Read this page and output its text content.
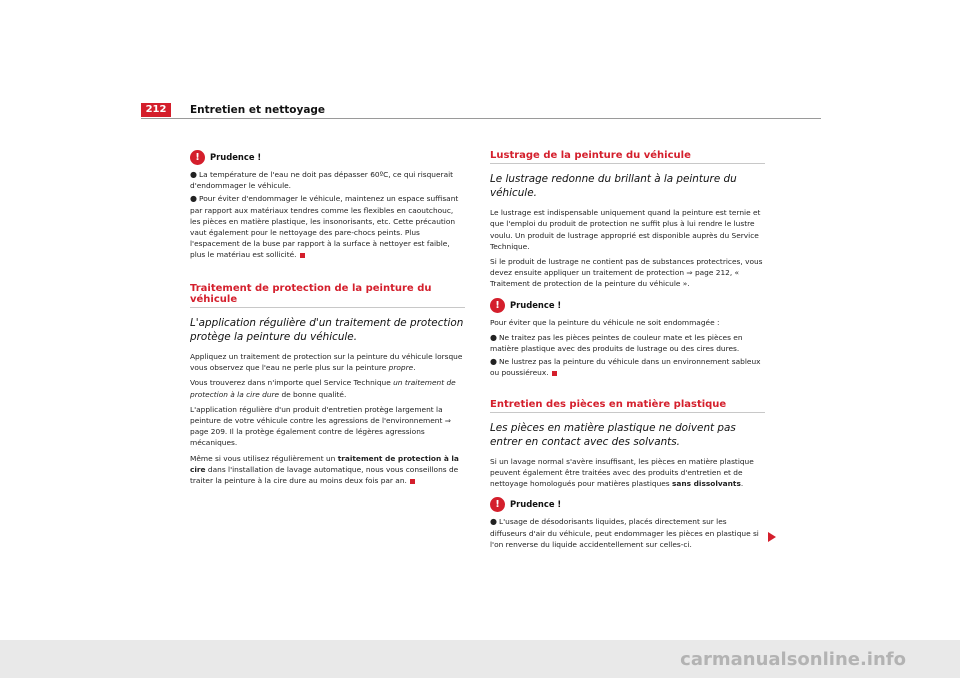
212	Entretien et nettoyage
!	Prudence !
● La température de l'eau ne doit pas dépasser 60ºC, ce qui risquerait d'endommager le véhicule.
● Pour éviter d'endommager le véhicule, maintenez un espace suffisant par rapport aux matériaux tendres comme les flexibles en caoutchouc, les pièces en matière plastique, les insonorisants, etc. Cette précaution vaut également pour le nettoyage des pare-chocs peints. Plus l'espacement de la buse par rapport à la surface à nettoyer est faible, plus le matériau est sollicité.
Traitement de protection de la peinture du véhicule
L'application régulière d'un traitement de protection protège la peinture du véhicule.

Appliquez un traitement de protection sur la peinture du véhicule lorsque vous observez que l'eau ne perle plus sur la peinture propre.

Vous trouverez dans n'importe quel Service Technique un traitement de protection à la cire dure de bonne qualité.

L'application régulière d'un produit d'entretien protège largement la peinture de votre véhicule contre les agressions de l'environnement ⇒ page 209. Il la protège également contre de légères agressions mécaniques.

Même si vous utilisez régulièrement un traitement de protection à la cire dans l'installation de lavage automatique, nous vous conseillons de traiter la peinture à la cire dure au moins deux fois par an.

Lustrage de la peinture du véhicule
Le lustrage redonne du brillant à la peinture du véhicule.

Le lustrage est indispensable uniquement quand la peinture est ternie et que l'emploi du produit de protection ne suffit plus à lui rendre le lustre voulu. Un produit de lustrage approprié est disponible auprès du Service Technique.

Si le produit de lustrage ne contient pas de substances protectrices, vous devez ensuite appliquer un traitement de protection ⇒ page 212, « Traitement de protection de la peinture du véhicule ».

!	Prudence !

Pour éviter que la peinture du véhicule ne soit endommagée :

● Ne traitez pas les pièces peintes de couleur mate et les pièces en matière plastique avec des produits de lustrage ou des cires dures.
● Ne lustrez pas la peinture du véhicule dans un environnement sableux ou poussiéreux.
Entretien des pièces en matière plastique
Les pièces en matière plastique ne doivent pas entrer en contact avec des solvants.

Si un lavage normal s'avère insuffisant, les pièces en matière plastique peuvent également être traitées avec des produits d'entretien et de nettoyage homologués pour matières plastiques sans dissolvants.

!	Prudence !
● L'usage de désodorisants liquides, placés directement sur les diffuseurs d'air du véhicule, peut endommager les pièces en plastique si l'on renverse du liquide accidentellement sur celles-ci.
carmanualsonline.info
